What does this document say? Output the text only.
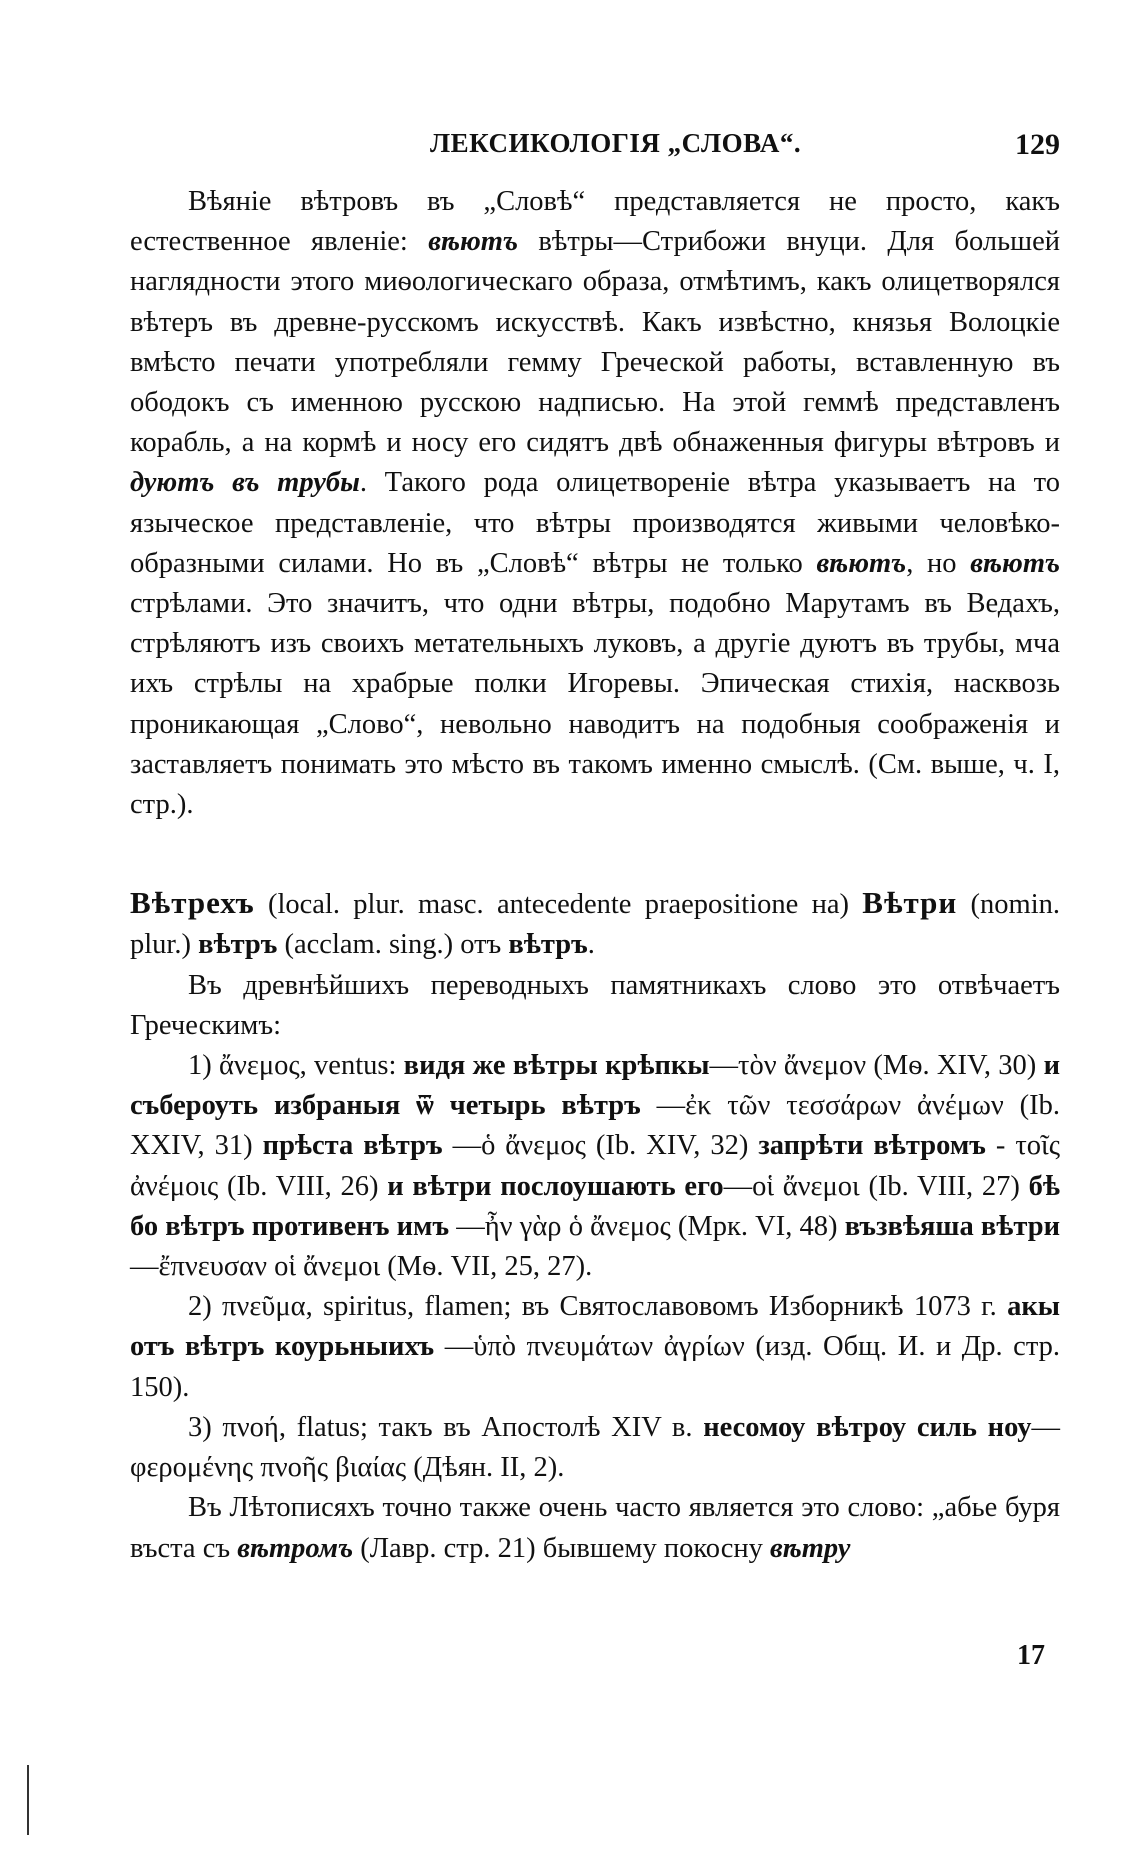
ЛЕКСИКОЛОГІЯ „СЛОВА“.	129

Вѣяніе вѣтровъ въ „Словѣ“ представляется не просто, какъ естественное явленіе: вѣютъ вѣтры—Стрибожи внуци. Для большей наглядности этого миѳологическаго образа, отмѣтимъ, какъ олицетворялся вѣтеръ въ древне-русскомъ искусствѣ. Какъ извѣстно, князья Волоцкіе вмѣсто печати употребляли гемму Греческой работы, вставленную въ ободокъ съ именною русскою надписью. На этой геммѣ представленъ корабль, а на кормѣ и носу его сидятъ двѣ обнаженныя фигуры вѣтровъ и дуютъ въ трубы. Такого рода олицетвореніе вѣтра указываетъ на то языческое представленіе, что вѣтры производятся живыми человѣко-образными силами. Но въ „Словѣ“ вѣтры не только вѣютъ, но вѣютъ стрѣлами. Это значитъ, что одни вѣтры, подобно Марутамъ въ Ведахъ, стрѣляютъ изъ своихъ метательныхъ луковъ, а другіе дуютъ въ трубы, мча ихъ стрѣлы на храбрые полки Игоревы. Эпическая стихія, насквозь проникающая „Слово“, невольно наводитъ на подобныя соображенія и заставляетъ понимать это мѣсто въ такомъ именно смыслѣ. (См. выше, ч. I, стр.).

Вѣтрехъ (local. plur. masc. antecedente praepositione на) Вѣтри (nomin. plur.) вѣтръ (acclam. sing.) отъ вѣтръ.

Въ древнѣйшихъ переводныхъ памятникахъ слово это отвѣчаетъ Греческимъ:

1) ἄνεμος, ventus: видя же вѣтры крѣпкы—τὸν ἄνεμον (Мѳ. XIV, 30) и събероуть избраныя ѿ четырь вѣтръ —ἐκ τῶν τεσσάρων ἀνέμων (Ib. XXIV, 31) прѣста вѣтръ —ὁ ἄνεμος (Ib. XIV, 32) запрѣти вѣтромъ - τοῖς ἀνέμοις (Ib. VIII, 26) и вѣтри послоушають его—οἱ ἄνεμοι (Ib. VIII, 27) бѣ бо вѣтръ противенъ имъ —ἦν γὰρ ὁ ἄνεμος (Мрк. VI, 48) възвѣяша вѣтри—ἔπνευσαν οἱ ἄνεμοι (Мѳ. VII, 25, 27).

2) πνεῦμα, spiritus, flamen; въ Святославовомъ Изборникѣ 1073 г. акы отъ вѣтръ коурьныихъ —ὑπὸ πνευμάτων ἀγρίων (изд. Общ. И. и Др. стр. 150).

3) πνοή, flatus; такъ въ Апостолѣ XIV в. несомоу вѣтроу силь ноу—φερομένης πνοῆς βιαίας (Дѣян. II, 2).

Въ Лѣтописяхъ точно также очень часто является это слово: „абье буря въста съ вѣтромъ (Лавр. стр. 21) бывшему покосну вѣтру

17
